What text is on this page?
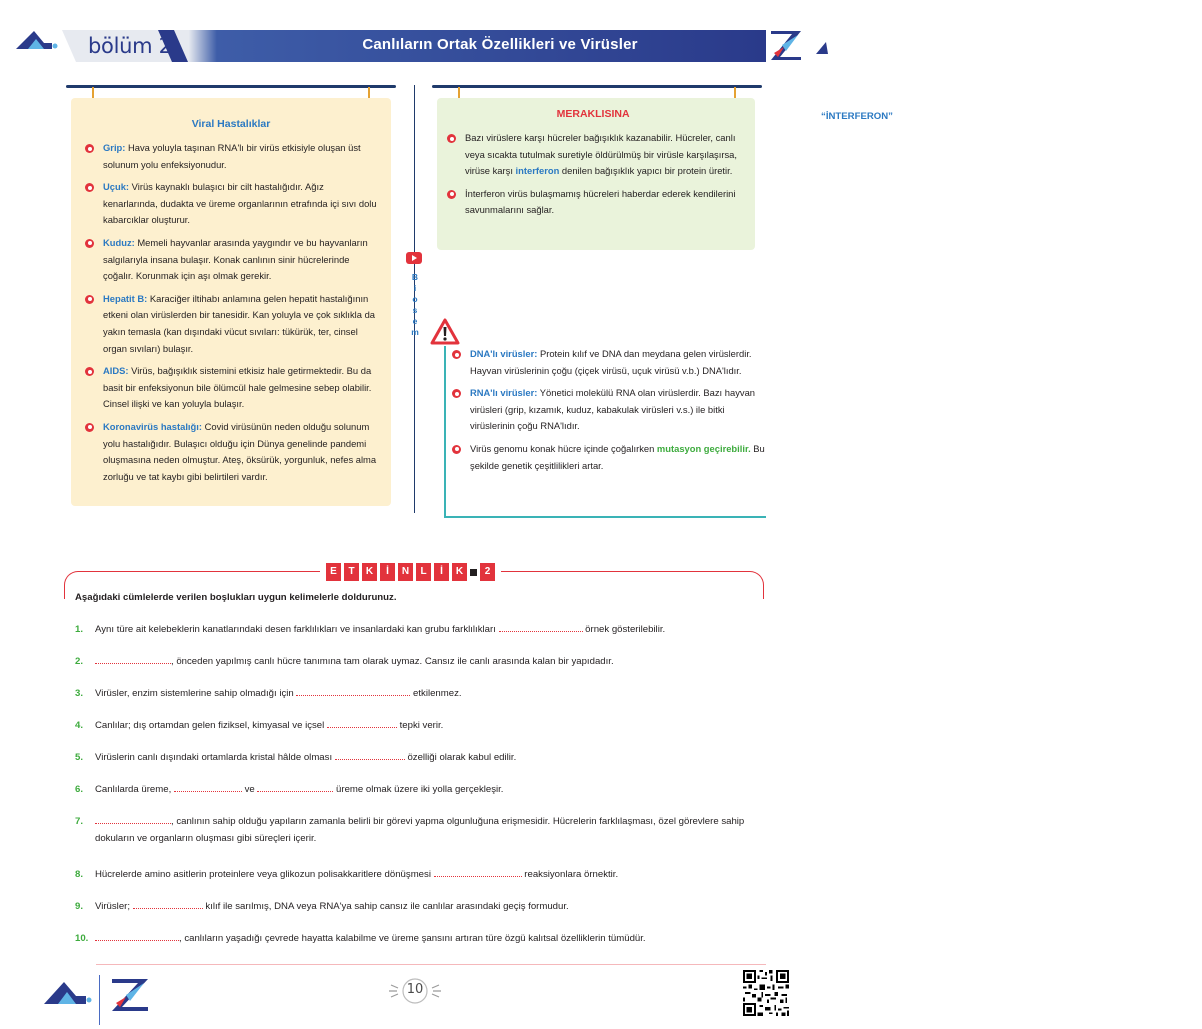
bölüm 2	Canlıların Ortak Özellikleri ve Virüsler
Viral Hastalıklar
Grip: Hava yoluyla taşınan RNA'lı bir virüs etkisiyle oluşan üst solunum yolu enfeksiyonudur.
Uçuk: Virüs kaynaklı bulaşıcı bir cilt hastalığıdır. Ağız kenarlarında, dudakta ve üreme organlarının etrafında içi sıvı dolu kabarcıklar oluşturur.
Kuduz: Memeli hayvanlar arasında yaygındır ve bu hayvanların salgılarıyla insana bulaşır. Konak canlının sinir hücrelerinde çoğalır. Korunmak için aşı olmak gerekir.
Hepatit B: Karaciğer iltihabı anlamına gelen hepatit hastalığının etkeni olan virüslerden bir tanesidir. Kan yoluyla ve çok sıklıkla da yakın temasla (kan dışındaki vücut sıvıları: tükürük, ter, cinsel organ sıvıları) bulaşır.
AIDS: Virüs, bağışıklık sistemini etkisiz hale getirmektedir. Bu da basit bir enfeksiyonun bile ölümcül hale gelmesine sebep olabilir. Cinsel ilişki ve kan yoluyla bulaşır.
Koronavirüs hastalığı: Covid virüsünün neden olduğu solunum yolu hastalığıdır. Bulaşıcı olduğu için Dünya genelinde pandemi oluşmasına neden olmuştur. Ateş, öksürük, yorgunluk, nefes alma zorluğu ve tat kaybı gibi belirtileri vardır.
MERAKLISINA	“İNTERFERON”
Bazı virüslere karşı hücreler bağışıklık kazanabilir. Hücreler, canlı veya sıcakta tutulmak suretiyle öldürülmüş bir virüsle karşılaşırsa, virüse karşı interferon denilen bağışıklık yapıcı bir protein üretir.
İnterferon virüs bulaşmamış hücreleri haberdar ederek kendilerini savunmalarını sağlar.
B
i
o
s
e
m
DNA'lı virüsler: Protein kılıf ve DNA dan meydana gelen virüslerdir. Hayvan virüslerinin çoğu (çiçek virüsü, uçuk virüsü v.b.) DNA'lıdır.
RNA'lı virüsler: Yönetici molekülü RNA olan virüslerdir. Bazı hayvan virüsleri (grip, kızamık, kuduz, kabakulak virüsleri v.s.) ile bitki virüslerinin çoğu RNA'lıdır.
Virüs genomu konak hücre içinde çoğalırken mutasyon geçirebilir. Bu şekilde genetik çeşitlilikleri artar.
E	T	K	İ	N	L	İ	K	2
Aşağıdaki cümlelerde verilen boşlukları uygun kelimelerle doldurunuz.
1.	Aynı türe ait kelebeklerin kanatlarındaki desen farklılıkları ve insanlardaki kan grubu farklılıkları	örnek gösterilebilir.
2.	, önceden yapılmış canlı hücre tanımına tam olarak uymaz. Cansız ile canlı arasında kalan bir yapıdadır.
3.	Virüsler, enzim sistemlerine sahip olmadığı için	etkilenmez.
4.	Canlılar; dış ortamdan gelen fiziksel, kimyasal ve içsel	tepki verir.
5.	Virüslerin canlı dışındaki ortamlarda kristal hâlde olması	özelliği olarak kabul edilir.
6.	Canlılarda üreme,	ve	üreme olmak üzere iki yolla gerçekleşir.
7.	, canlının sahip olduğu yapıların zamanla belirli bir görevi yapma olgunluğuna erişmesidir. Hücrelerin farklılaşması, özel görevlere sahip dokuların ve organların oluşması gibi süreçleri içerir.
8.	Hücrelerde amino asitlerin proteinlere veya glikozun polisakkaritlere dönüşmesi	reaksiyonlara örnektir.
9.	Virüsler;	kılıf ile sarılmış, DNA veya RNA'ya sahip cansız ile canlılar arasındaki geçiş formudur.
10.	, canlıların yaşadığı çevrede hayatta kalabilme ve üreme şansını artıran türe özgü kalıtsal özelliklerin tümüdür.
10
